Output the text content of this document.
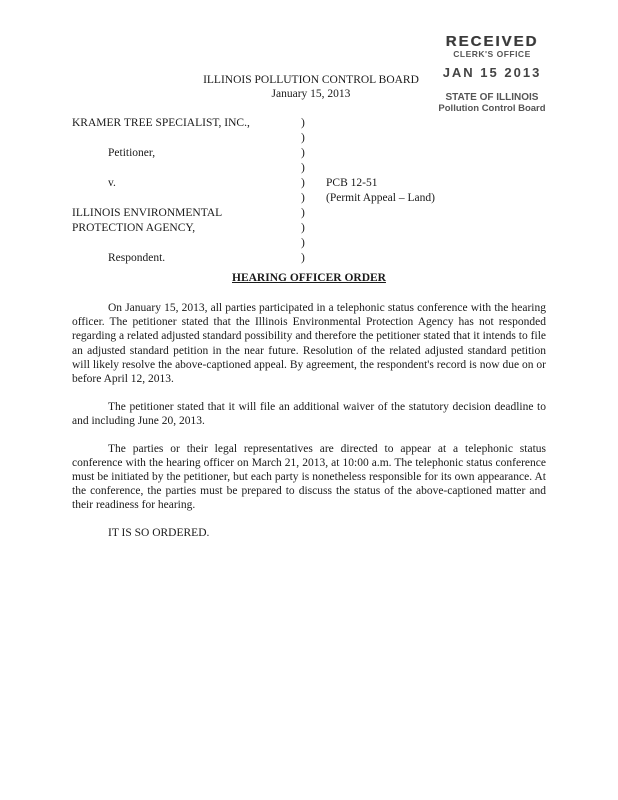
RECEIVED
CLERK'S OFFICE
JAN 15 2013
STATE OF ILLINOIS
Pollution Control Board
ILLINOIS POLLUTION CONTROL BOARD
January 15, 2013
KRAMER TREE SPECIALIST, INC.,	)
)
Petitioner,	)
)
v.	) PCB 12-51
) (Permit Appeal – Land)
ILLINOIS ENVIRONMENTAL	)
PROTECTION AGENCY,	)
)
Respondent.	)
HEARING OFFICER ORDER

On January 15, 2013, all parties participated in a telephonic status conference with the hearing officer. The petitioner stated that the Illinois Environmental Protection Agency has not responded regarding a related adjusted standard possibility and therefore the petitioner stated that it intends to file an adjusted standard petition in the near future. Resolution of the related adjusted standard petition will likely resolve the above-captioned appeal. By agreement, the respondent's record is now due on or before April 12, 2013.

The petitioner stated that it will file an additional waiver of the statutory decision deadline to and including June 20, 2013.

The parties or their legal representatives are directed to appear at a telephonic status conference with the hearing officer on March 21, 2013, at 10:00 a.m. The telephonic status conference must be initiated by the petitioner, but each party is nonetheless responsible for its own appearance. At the conference, the parties must be prepared to discuss the status of the above-captioned matter and their readiness for hearing.

IT IS SO ORDERED.
